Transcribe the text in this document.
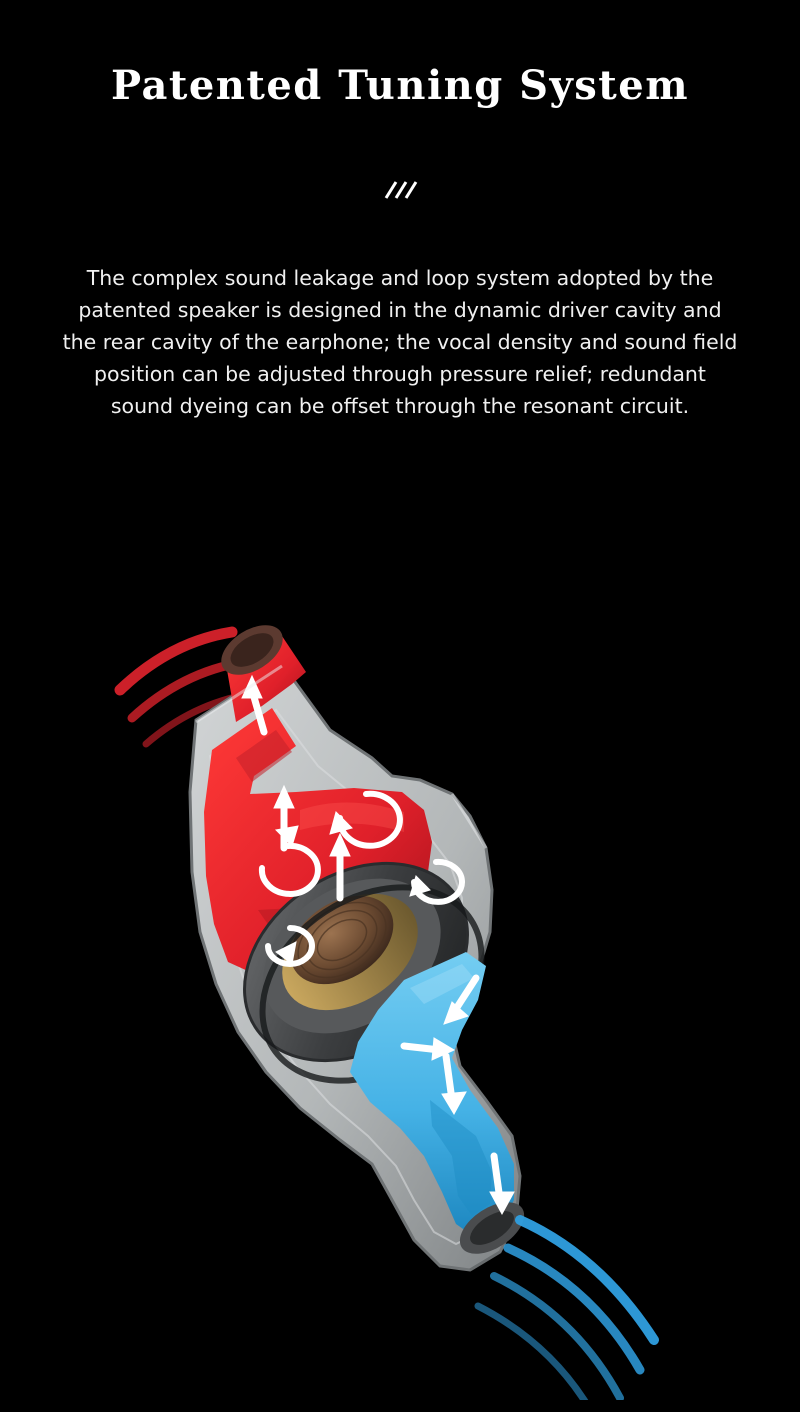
Patented Tuning System
The complex sound leakage and loop system adopted by the patented speaker is designed in the dynamic driver cavity and the rear cavity of the earphone; the vocal density and sound field position can be adjusted through pressure relief; redundant sound dyeing can be offset through the resonant circuit.
